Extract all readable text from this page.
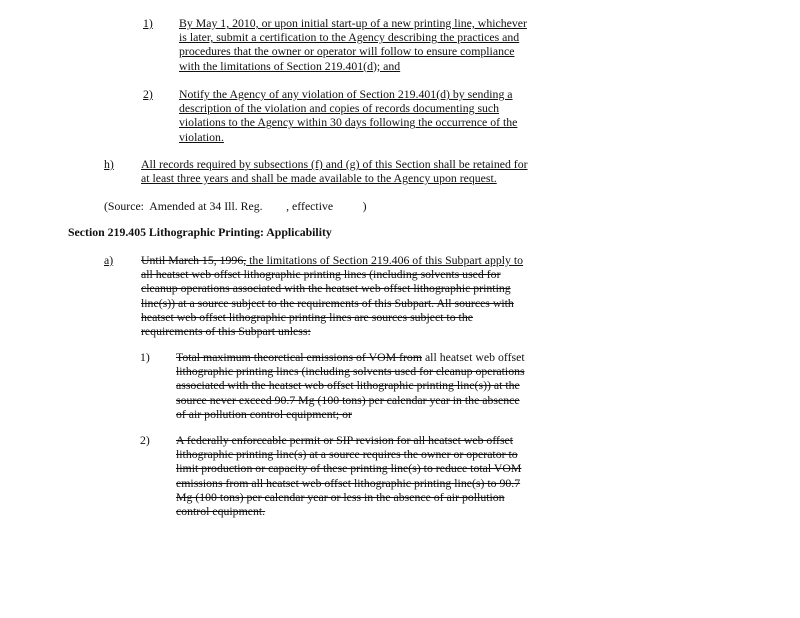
1) By May 1, 2010, or upon initial start-up of a new printing line, whichever
is later, submit a certification to the Agency describing the practices and
procedures that the owner or operator will follow to ensure compliance
with the limitations of Section 219.401(d); and
2) Notify the Agency of any violation of Section 219.401(d) by sending a
description of the violation and copies of records documenting such
violations to the Agency within 30 days following the occurrence of the
violation.
h) All records required by subsections (f) and (g) of this Section shall be retained for
at least three years and shall be made available to the Agency upon request.
(Source:  Amended at 34 Ill. Reg.        , effective          )
Section 219.405 Lithographic Printing: Applicability
a) Until March 15, 1996, the limitations of Section 219.406 of this Subpart apply to
all heatset web offset lithographic printing lines (including solvents used for
cleanup operations associated with the heatset web offset lithographic printing
line(s)) at a source subject to the requirements of this Subpart. All sources with
heatset web offset lithographic printing lines are sources subject to the
requirements of this Subpart unless:
1) Total maximum theoretical emissions of VOM from all heatset web offset
lithographic printing lines (including solvents used for cleanup operations
associated with the heatset web offset lithographic printing line(s)) at the
source never exceed 90.7 Mg (100 tons) per calendar year in the absence
of air pollution control equipment; or
2) A federally enforceable permit or SIP revision for all heatset web offset
lithographic printing line(s) at a source requires the owner or operator to
limit production or capacity of these printing line(s) to reduce total VOM
emissions from all heatset web offset lithographic printing line(s) to 90.7
Mg (100 tons) per calendar year or less in the absence of air pollution
control equipment.
